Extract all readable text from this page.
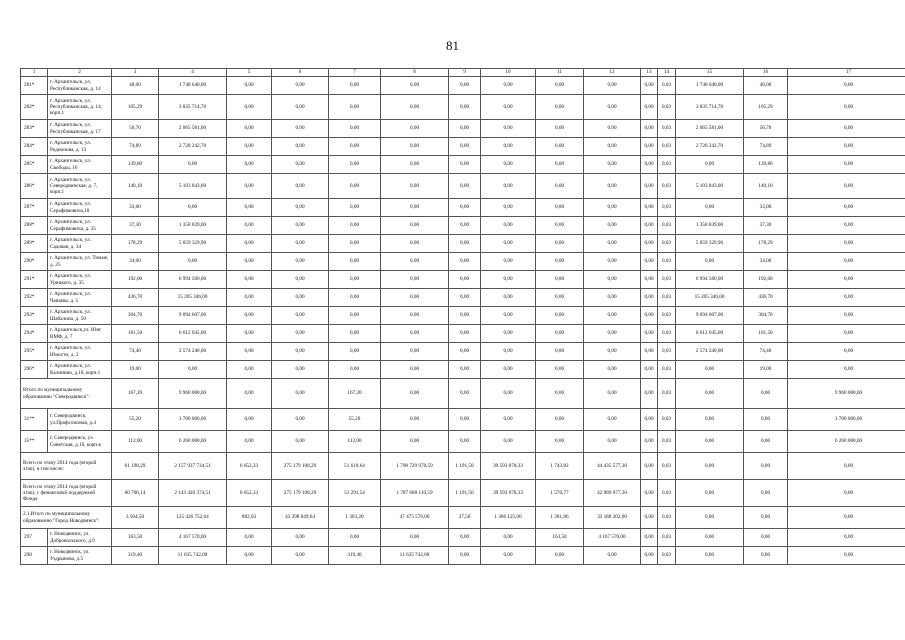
81
1	2	3	4	5	6	7	8	9	10	11	12	13	14	15	16	17
281*	г. Архангельск, ул. Республиканская, д. 14	48,00	1 748 640,00	0,00	0,00	0,00	0,00	0,00	0,00	0,00	0,00	0,00	0,03	1 748 640,00	48,00	0,00
282*	г. Архангельск, ул. Республиканская, д. 14, корп.1	105,29	3 835 714,70	0,00	0,00	0,00	0,00	0,00	0,00	0,00	0,00	0,00	0,03	3 835 714,70	105,29	0,00
283*	г. Архангельск, ул. Республиканская, д. 17	56,70	2 065 581,00	0,00	0,00	0,00	0,00	0,00	0,00	0,00	0,00	0,00	0,03	2 065 581,00	56,70	0,00
284*	г. Архангельск, ул. Родионова, д. 13	74,89	2 728 242,70	0,00	0,00	0,00	0,00	0,00	0,00	0,00	0,00	0,00	0,03	2 728 242,70	74,89	0,00
285*	г. Архангельск, ул. Свободы, 16	139,80	0,00	0,00	0,00	0,00	0,00	0,00	0,00	0,00	0,00	0,00	0,03	0,00	139,80	0,00
286*	г. Архангельск, ул. Северодвинская, д. 7, корп.1	140,10	5 103 843,00	0,00	0,00	0,00	0,00	0,00	0,00	0,00	0,00	0,00	0,03	5 103 843,00	140,10	0,00
287*	г. Архангельск, ул. Серафимовича,18	33,00	0,00	0,00	0,00	0,00	0,00	0,00	0,00	0,00	0,00	0,00	0,03	0,00	33,00	0,00
288*	г. Архангельск, ул. Серафимовича, д. 35	37,30	1 358 839,00	0,00	0,00	0,00	0,00	0,00	0,00	0,00	0,00	0,00	0,03	1 358 839,00	37,30	0,00
289*	г. Архангельск, ул. Садовая, д. 34	178,29	5 059 329,90	0,00	0,00	0,00	0,00	0,00	0,00	0,00	0,00	0,00	0,03	5 059 329,90	178,29	0,00
290*	г. Архангельск, ул. Тимме, д. 25	34,00	0,00	0,00	0,00	0,00	0,00	0,00	0,00	0,00	0,00	0,00	0,03	0,00	34,00	0,00
291*	г. Архангельск, ул. Урицкого, д. 35	192,00	6 994 560,00	0,00	0,00	0,00	0,00	0,00	0,00	0,00	0,00	0,00	0,03	6 994 560,00	192,00	0,00
292*	г. Архангельск, ул. Чапаева, д. 5	436,70	15 205 346,00	0,00	0,00	0,00	0,00	0,00	0,00	0,00	0,00	0,00	0,03	15 205 346,00	436,70	0,00
293*	г. Архангельск, ул. Шабалина, д. 50	304,70	9 094 607,00	0,00	0,00	0,00	0,00	0,00	0,00	0,00	0,00	0,00	0,03	9 094 607,00	304,70	0,00
294*	г. Архангельск,ул. Юнг ВМФ, д. 7	181,50	6 612 045,00	0,00	0,00	0,00	0,00	0,00	0,00	0,00	0,00	0,00	0,03	6 612 045,00	181,50	0,00
295*	г. Архангельск, ул. Юности, д. 2	74,40	2 574 240,00	0,00	0,00	0,00	0,00	0,00	0,00	0,00	0,00	0,00	0,03	2 574 240,00	74,40	0,00
296*	г. Архангельск, ул. Калинина, д.18, корп.1	19,00	0,00	0,00	0,00	0,00	0,00	0,00	0,00	0,00	0,00	0,00	0,03	0,00	19,00	0,00
Итого по муниципальному образованию "Северодвинск":		167,20	9 960 000,00	0,00	0,00	167,20	0,00	0,00	0,00	0,00	0,00	0,00	0,03	0,00	0,00	9 960 000,00
31**	г. Северодвинск, ул.Профсоюзная, д.4	55,20	3 700 000,00	0,00	0,00	55,20	0,00	0,00	0,00	0,00	0,00	0,00	0,03	0,00	0,00	3 700 000,00
35**	г. Северодвинск, ул. Советская, д.10, корп.в	112,00	6 260 000,00	0,00	0,00	112,00	0,00	0,00	0,00	0,00	0,00	0,00	0,03	0,00	0,00	6 260 000,00
Всего по этапу 2014 года (второй этап), в том числе:		61 198,29	2 157 937 734,51	6 652,33	275 179 108,29	51 610,64	1 798 729 970,59	1 191,50	39 593 078,33	1 743,82	44 435 577,30	0,00	0,03	0,00	0,00	0,00
Всего по этапу 2014 года (второй этап), с финансовой поддержкой Фонда		60 706,14	2 143 420 374,51	6 652,33	275 179 108,29	51 291,54	1 787 680 110,59	1 191,50	39 593 078,33	1 570,77	42 989 077,30	0,00	0,03	0,00	0,00	0,00
2.1.Итого по муниципальному образованию "Город Новодвинск":		3 504,50	125 426 752,64	882,03	43 398 849,64	1 303,20	47 475 576,00	37,50	1 366 125,00	1 281,86	33 188 202,00	0,00	0,03	0,00	0,00	0,00
297	г. Новодвинск, ул. Добровольского, д.9	163,50	4 167 570,00	0,00	0,00	0,00	0,00	0,00	0,00	163,50	4 167 570,00	0,00	0,03	0,00	0,00	0,00
298	г. Новодвинск, ул. Уздрынова, д.5	319,40	11 635 742,00	0,00	0,00	319,40	11 635 742,00	0,00	0,00	0,00	0,00	0,00	0,03	0,00	0,00	0,00
